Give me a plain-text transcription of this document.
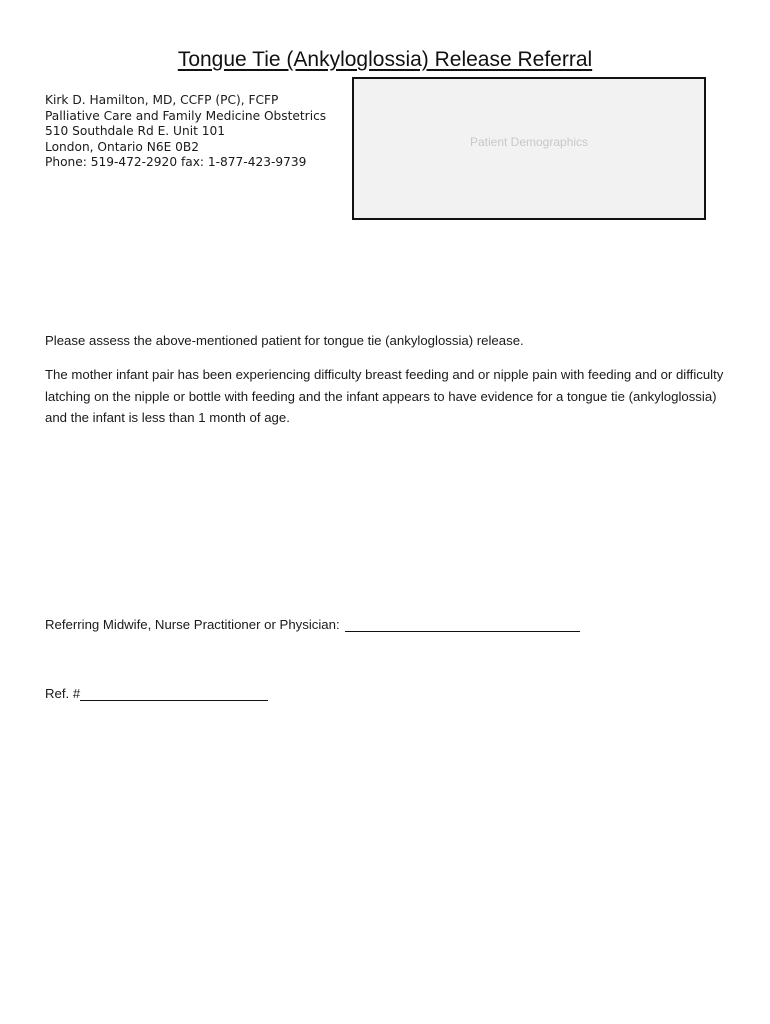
Tongue Tie (Ankyloglossia) Release Referral
Kirk D. Hamilton, MD, CCFP (PC), FCFP
Palliative Care and Family Medicine Obstetrics
510 Southdale Rd E. Unit 101
London, Ontario N6E 0B2
Phone: 519-472-2920 fax: 1-877-423-9739
Patient Demographics
Please assess the above-mentioned patient for tongue tie (ankyloglossia) release.
The mother infant pair has been experiencing difficulty breast feeding and or nipple pain with feeding and or difficulty latching on the nipple or bottle with feeding and the infant appears to have evidence for a tongue tie (ankyloglossia) and the infant is less than 1 month of age.
Referring Midwife, Nurse Practitioner or Physician:
Ref. #
